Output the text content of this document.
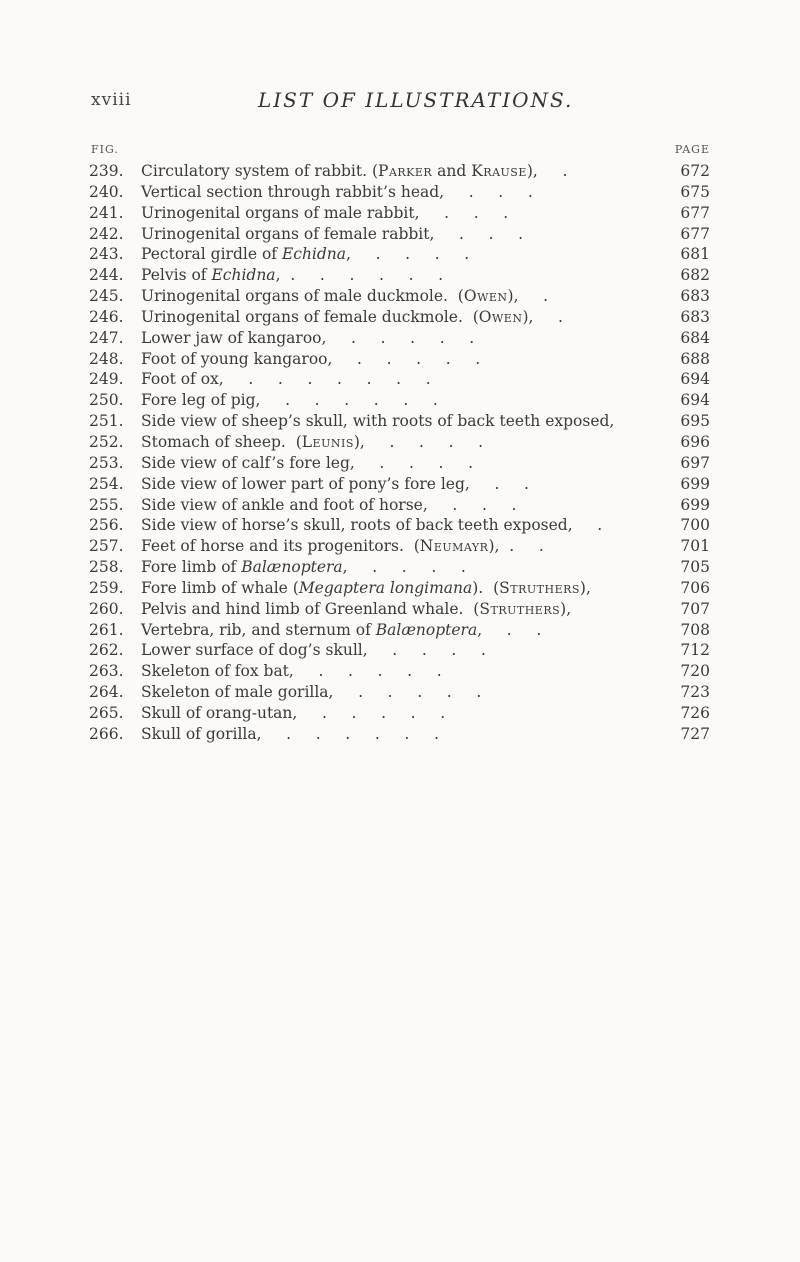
xviii	LIST OF ILLUSTRATIONS.
FIG.	PAGE
239.	Circulatory system of rabbit. (Parker and Krause),     .	672
240.	Vertical section through rabbit’s head,     .     .     .	675
241.	Urinogenital organs of male rabbit,     .     .     .	677
242.	Urinogenital organs of female rabbit,     .     .     .	677
243.	Pectoral girdle of Echidna,     .     .     .     .	681
244.	Pelvis of Echidna,  .     .     .     .     .     .	682
245.	Urinogenital organs of male duckmole.  (Owen),     .	683
246.	Urinogenital organs of female duckmole.  (Owen),     .	683
247.	Lower jaw of kangaroo,     .     .     .     .     .	684
248.	Foot of young kangaroo,     .     .     .     .     .	688
249.	Foot of ox,     .     .     .     .     .     .     .	694
250.	Fore leg of pig,     .     .     .     .     .     .	694
251.	Side view of sheep’s skull, with roots of back teeth exposed,	695
252.	Stomach of sheep.  (Leunis),     .     .     .     .	696
253.	Side view of calf’s fore leg,     .     .     .     .	697
254.	Side view of lower part of pony’s fore leg,     .     .	699
255.	Side view of ankle and foot of horse,     .     .     .	699
256.	Side view of horse’s skull, roots of back teeth exposed,     .	700
257.	Feet of horse and its progenitors.  (Neumayr),  .     .	701
258.	Fore limb of Balænoptera,     .     .     .     .	705
259.	Fore limb of whale (Megaptera longimana).  (Struthers),	706
260.	Pelvis and hind limb of Greenland whale.  (Struthers),	707
261.	Vertebra, rib, and sternum of Balænoptera,     .     .	708
262.	Lower surface of dog’s skull,     .     .     .     .	712
263.	Skeleton of fox bat,     .     .     .     .     .	720
264.	Skeleton of male gorilla,     .     .     .     .     .	723
265.	Skull of orang-utan,     .     .     .     .     .	726
266.	Skull of gorilla,     .     .     .     .     .     .	727
